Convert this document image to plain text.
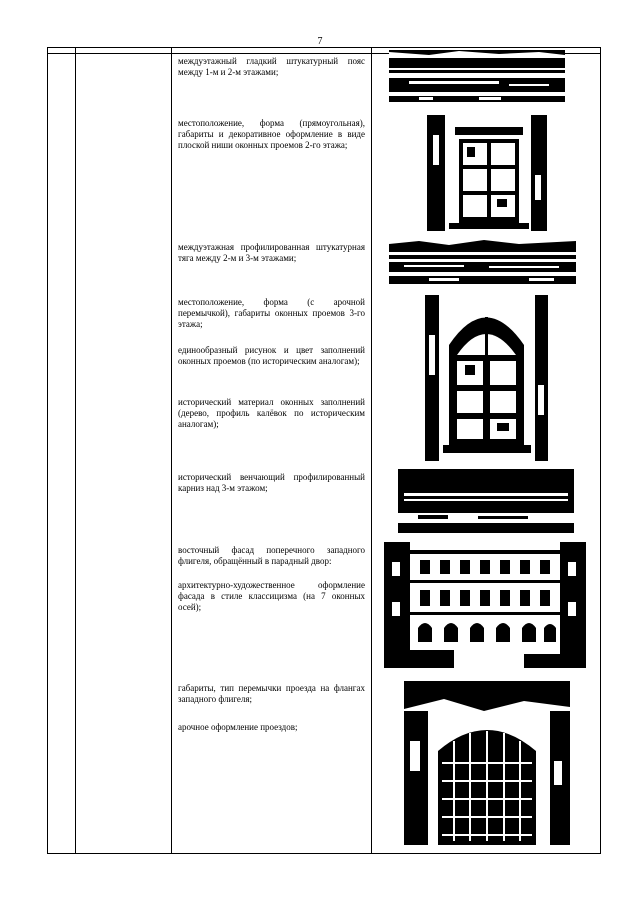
7
междуэтажный гладкий штукатурный пояс между 1-м и 2-м этажами;
местоположение, форма (прямоугольная), габариты и декоративное оформление в виде плоской ниши оконных проемов 2-го этажа;
междуэтажная профилированная штукатурная тяга между 2-м и 3-м этажами;
местоположение, форма (с арочной перемычкой), габариты оконных проемов 3-го этажа;
единообразный рисунок и цвет заполнений оконных проемов (по историческим аналогам);
исторический материал оконных заполнений (дерево, профиль калёвок по историческим аналогам);
исторический венчающий профилированный карниз над 3-м этажом;
восточный фасад поперечного западного флигеля, обращённый в парадный двор:
архитектурно-художественное оформление фасада в стиле классицизма (на 7 оконных осей);
габариты, тип перемычки проезда на флангах западного флигеля;
арочное оформление проездов;
